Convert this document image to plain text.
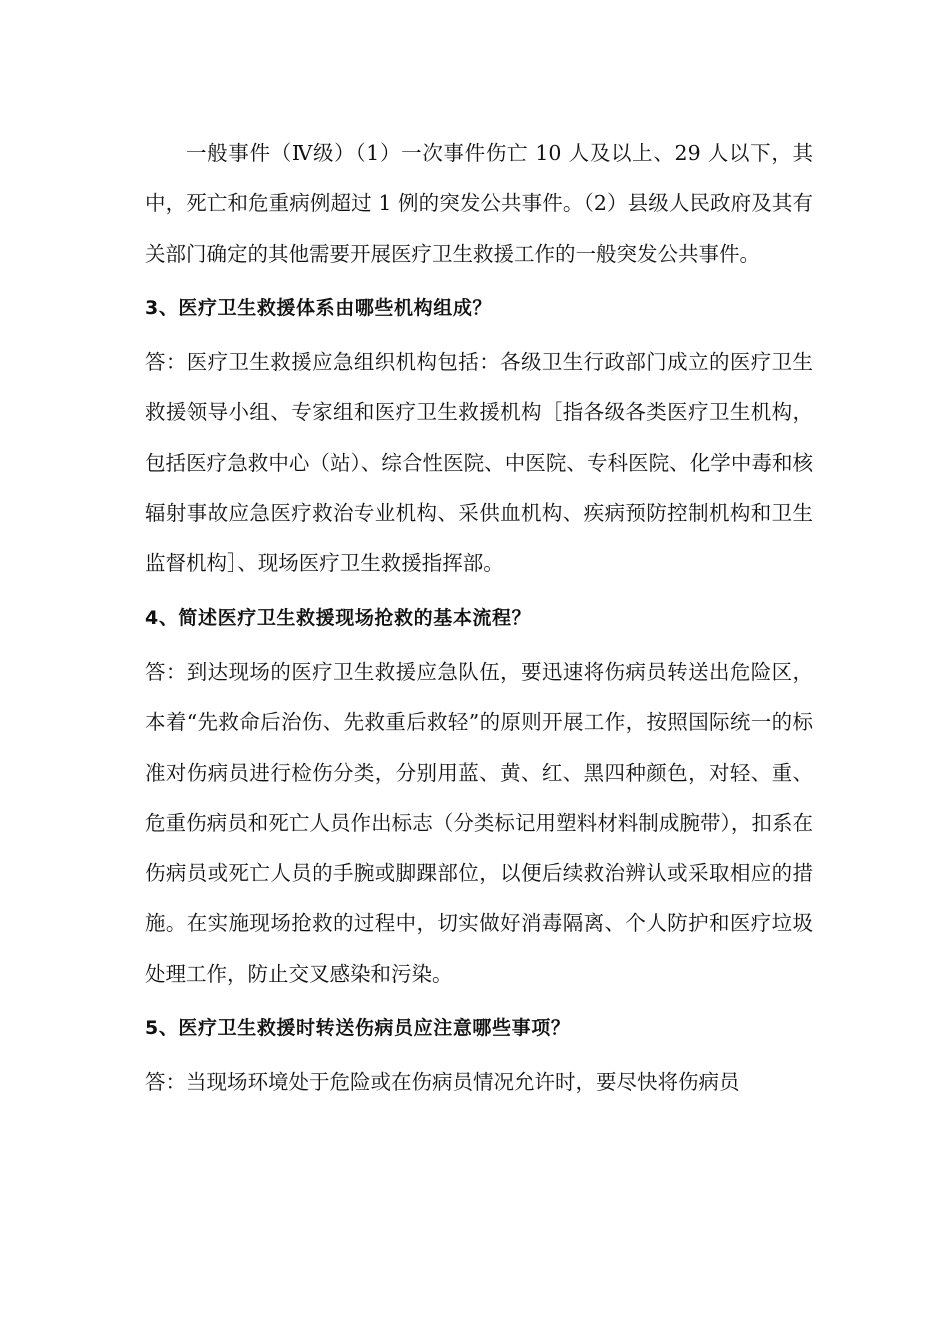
一般事件（Ⅳ级）（1）一次事件伤亡 10 人及以上、29 人以下，其中，死亡和危重病例超过 1 例的突发公共事件。（2）县级人民政府及其有关部门确定的其他需要开展医疗卫生救援工作的一般突发公共事件。

3、医疗卫生救援体系由哪些机构组成？

答：医疗卫生救援应急组织机构包括：各级卫生行政部门成立的医疗卫生救援领导小组、专家组和医疗卫生救援机构［指各级各类医疗卫生机构，包括医疗急救中心（站）、综合性医院、中医院、专科医院、化学中毒和核辐射事故应急医疗救治专业机构、采供血机构、疾病预防控制机构和卫生监督机构］、现场医疗卫生救援指挥部。

4、简述医疗卫生救援现场抢救的基本流程？

答：到达现场的医疗卫生救援应急队伍，要迅速将伤病员转送出危险区，本着“先救命后治伤、先救重后救轻”的原则开展工作，按照国际统一的标准对伤病员进行检伤分类，分别用蓝、黄、红、黑四种颜色，对轻、重、危重伤病员和死亡人员作出标志（分类标记用塑料材料制成腕带），扣系在伤病员或死亡人员的手腕或脚踝部位，以便后续救治辨认或采取相应的措施。在实施现场抢救的过程中，切实做好消毒隔离、个人防护和医疗垃圾处理工作，防止交叉感染和污染。

5、医疗卫生救援时转送伤病员应注意哪些事项？

答：当现场环境处于危险或在伤病员情况允许时，要尽快将伤病员
